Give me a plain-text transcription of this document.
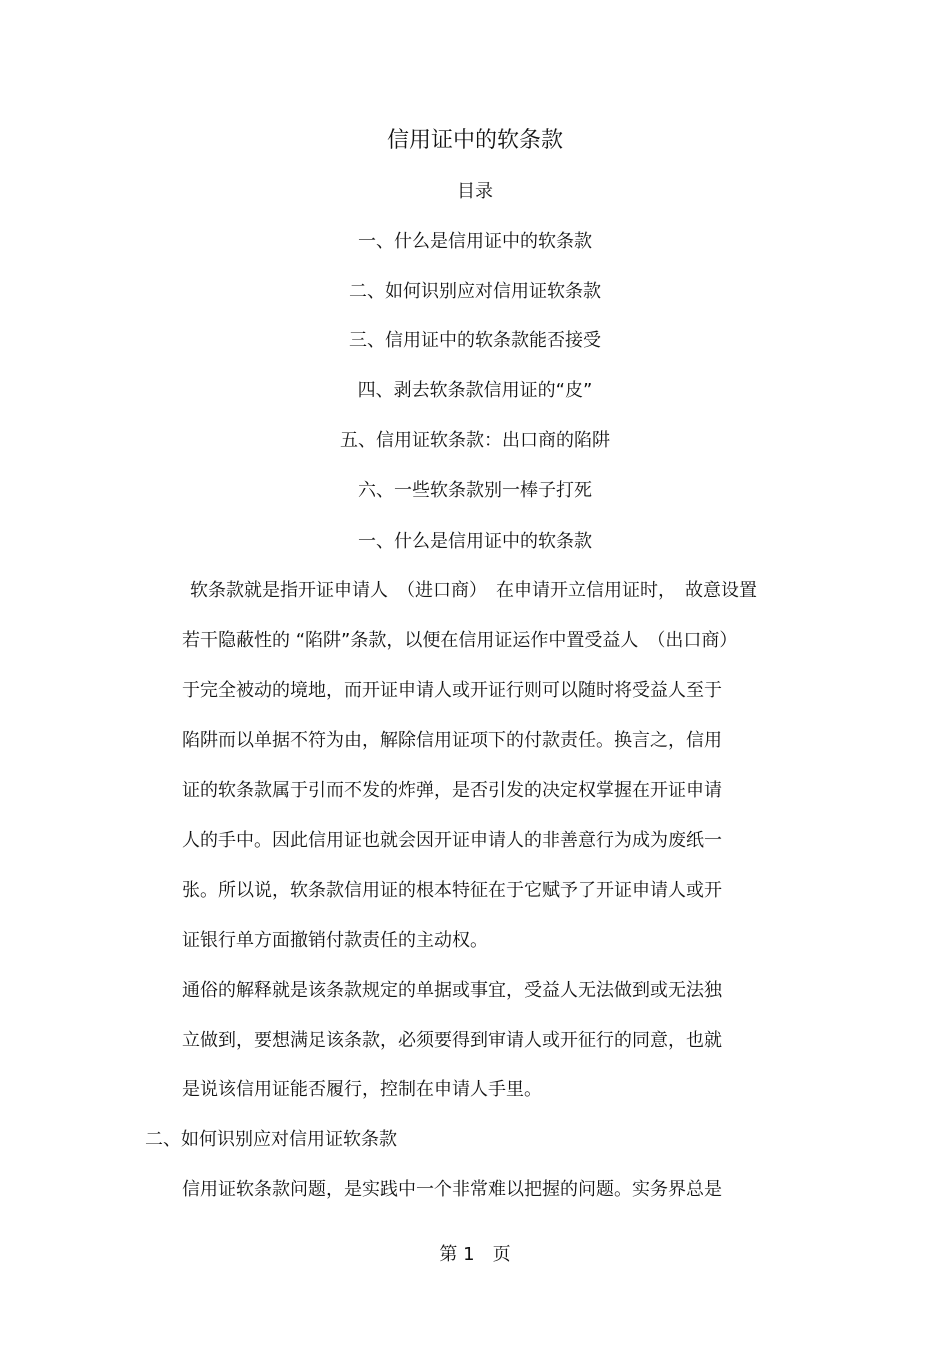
信用证中的软条款
目录
一、什么是信用证中的软条款
二、如何识别应对信用证软条款
三、信用证中的软条款能否接受
四、剥去软条款信用证的“皮”
五、信用证软条款：出口商的陷阱
六、一些软条款别一棒子打死
一、什么是信用证中的软条款
软条款就是指开证申请人　（进口商）　在申请开立信用证时，　故意设置
若干隐蔽性的 “陷阱”条款，以便在信用证运作中置受益人　（出口商）
于完全被动的境地，而开证申请人或开证行则可以随时将受益人至于
陷阱而以单据不符为由，解除信用证项下的付款责任。换言之，信用
证的软条款属于引而不发的炸弹，是否引发的决定权掌握在开证申请
人的手中。因此信用证也就会因开证申请人的非善意行为成为废纸一
张。所以说，软条款信用证的根本特征在于它赋予了开证申请人或开
证银行单方面撤销付款责任的主动权。
通俗的解释就是该条款规定的单据或事宜，受益人无法做到或无法独
立做到，要想满足该条款，必须要得到审请人或开征行的同意，也就
是说该信用证能否履行，控制在申请人手里。
二、如何识别应对信用证软条款
信用证软条款问题，是实践中一个非常难以把握的问题。实务界总是
第 1　页
